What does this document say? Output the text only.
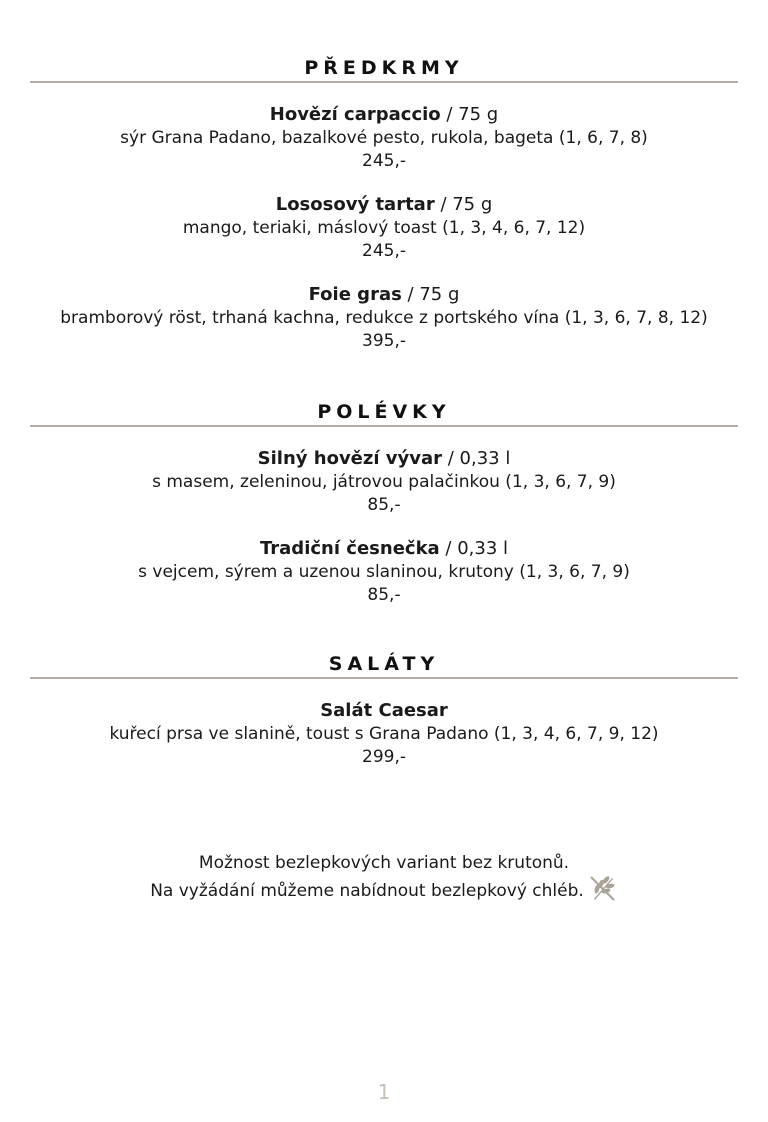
PŘEDKRMY
Hovězí carpaccio / 75 g
sýr Grana Padano, bazalkové pesto, rukola, bageta (1, 6, 7, 8)
245,-
Lososový tartar / 75 g
mango, teriaki, máslový toast (1, 3, 4, 6, 7, 12)
245,-
Foie gras / 75 g
bramborový röst, trhaná kachna, redukce z portského vína (1, 3, 6, 7, 8, 12)
395,-
POLÉVKY
Silný hovězí vývar / 0,33 l
s masem, zeleninou, játrovou palačinkou (1, 3, 6, 7, 9)
85,-
Tradiční česnečka / 0,33 l
s vejcem, sýrem a uzenou slaninou, krutony (1, 3, 6, 7, 9)
85,-
SALÁTY
Salát Caesar
kuřecí prsa ve slanině, toust s Grana Padano (1, 3, 4, 6, 7, 9, 12)
299,-
Možnost bezlepkových variant bez krutonů.
Na vyžádání můžeme nabídnout bezlepkový chléb.
1
